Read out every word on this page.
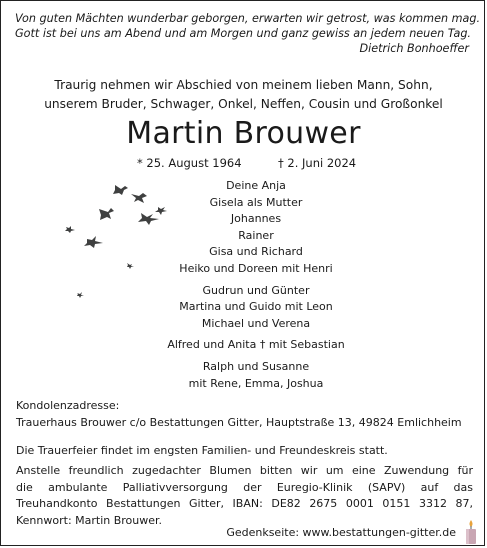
Von guten Mächten wunderbar geborgen, erwarten wir getrost, was kommen mag.
Gott ist bei uns am Abend und am Morgen und ganz gewiss an jedem neuen Tag.
Dietrich Bonhoeffer
Traurig nehmen wir Abschied von meinem lieben Mann, Sohn,
unserem Bruder, Schwager, Onkel, Neffen, Cousin und Großonkel
Martin Brouwer
* 25. August 1964	† 2. Juni 2024
Deine Anja
Gisela als Mutter
Johannes
Rainer
Gisa und Richard
Heiko und Doreen mit Henri
Gudrun und Günter
Martina und Guido mit Leon
Michael und Verena
Alfred und Anita † mit Sebastian
Ralph und Susanne
mit Rene, Emma, Joshua
Kondolenzadresse:
Trauerhaus Brouwer c/o Bestattungen Gitter, Hauptstraße 13, 49824 Emlichheim
Die Trauerfeier findet im engsten Familien- und Freundeskreis statt.
Anstelle freundlich zugedachter Blumen bitten wir um eine Zuwendung für
die ambulante Palliativversorgung der Euregio-Klinik (SAPV) auf das
Treuhandkonto Bestattungen Gitter, IBAN: DE82 2675 0001 0151 3312 87,
Kennwort: Martin Brouwer.
Gedenkseite: www.bestattungen-gitter.de
